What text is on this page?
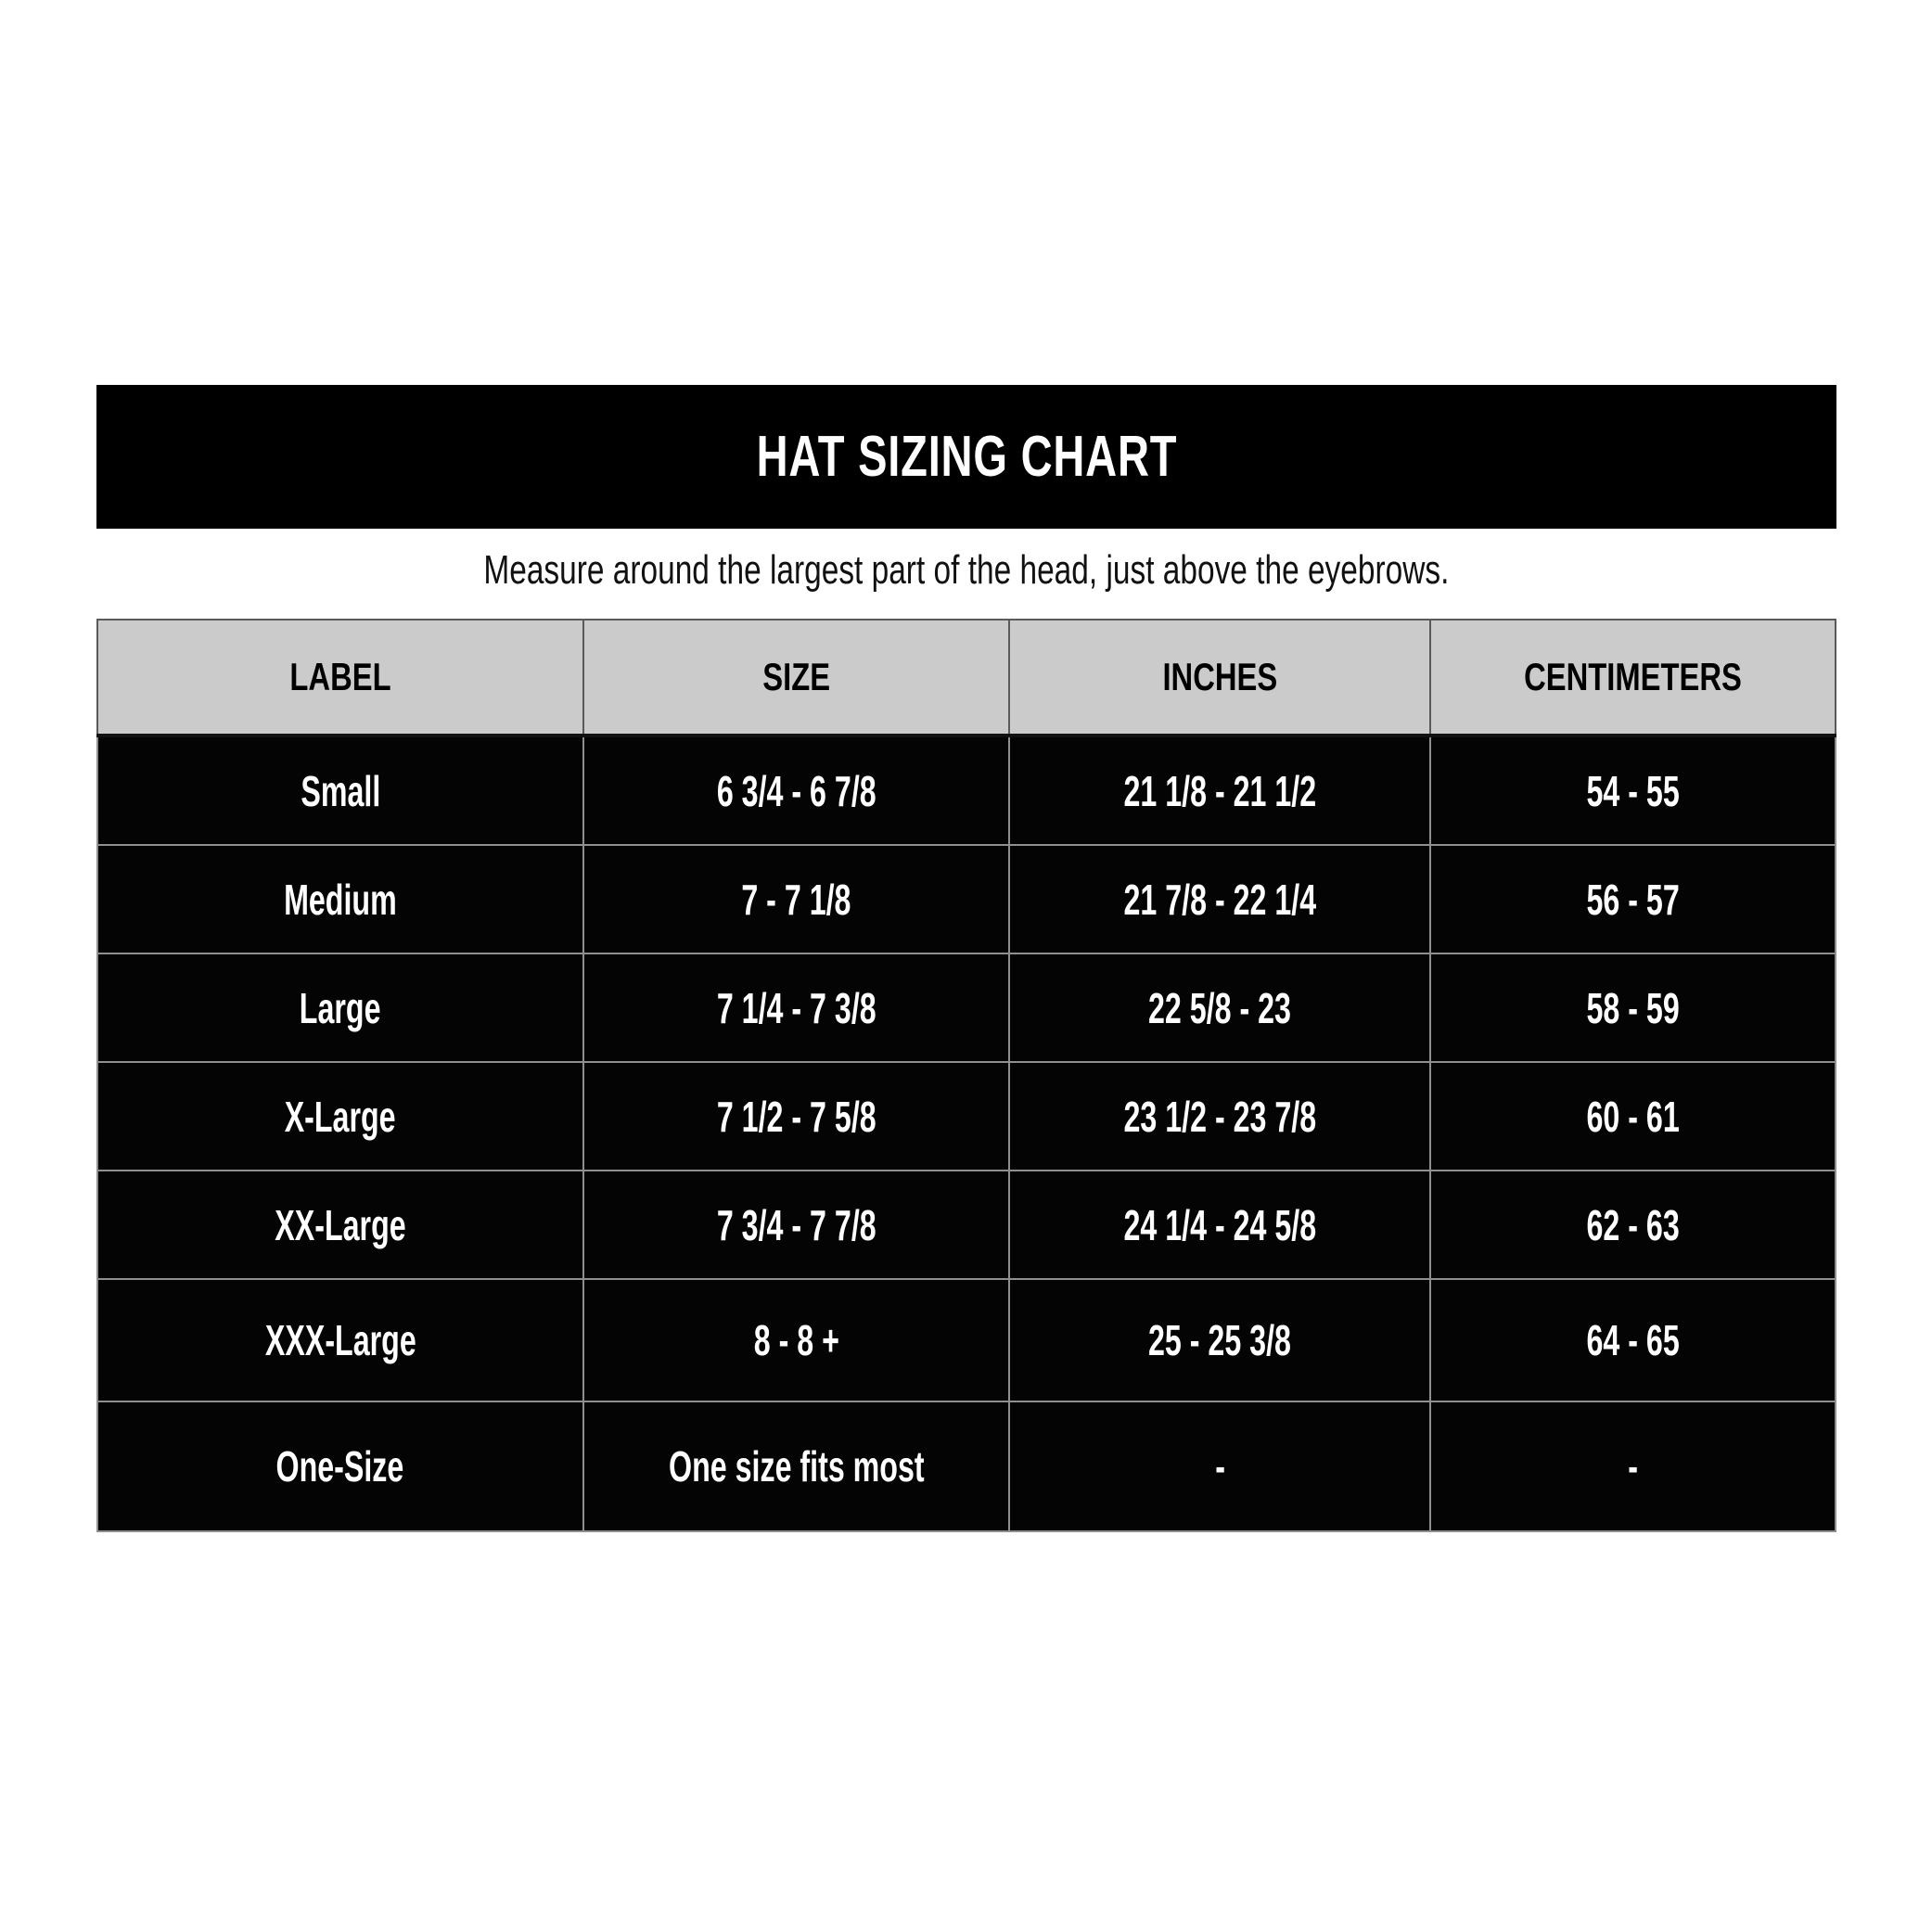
HAT SIZING CHART
Measure around the largest part of the head, just above the eyebrows.
LABEL	SIZE	INCHES	CENTIMETERS
Small	6 3/4 - 6 7/8	21 1/8 - 21 1/2	54 - 55
Medium	7 - 7 1/8	21 7/8 - 22 1/4	56 - 57
Large	7 1/4 - 7 3/8	22 5/8 - 23	58 - 59
X-Large	7 1/2 - 7 5/8	23 1/2 - 23 7/8	60 - 61
XX-Large	7 3/4 - 7 7/8	24 1/4 - 24 5/8	62 - 63
XXX-Large	8 - 8 +	25 - 25 3/8	64 - 65
One-Size	One size fits most	-	-
